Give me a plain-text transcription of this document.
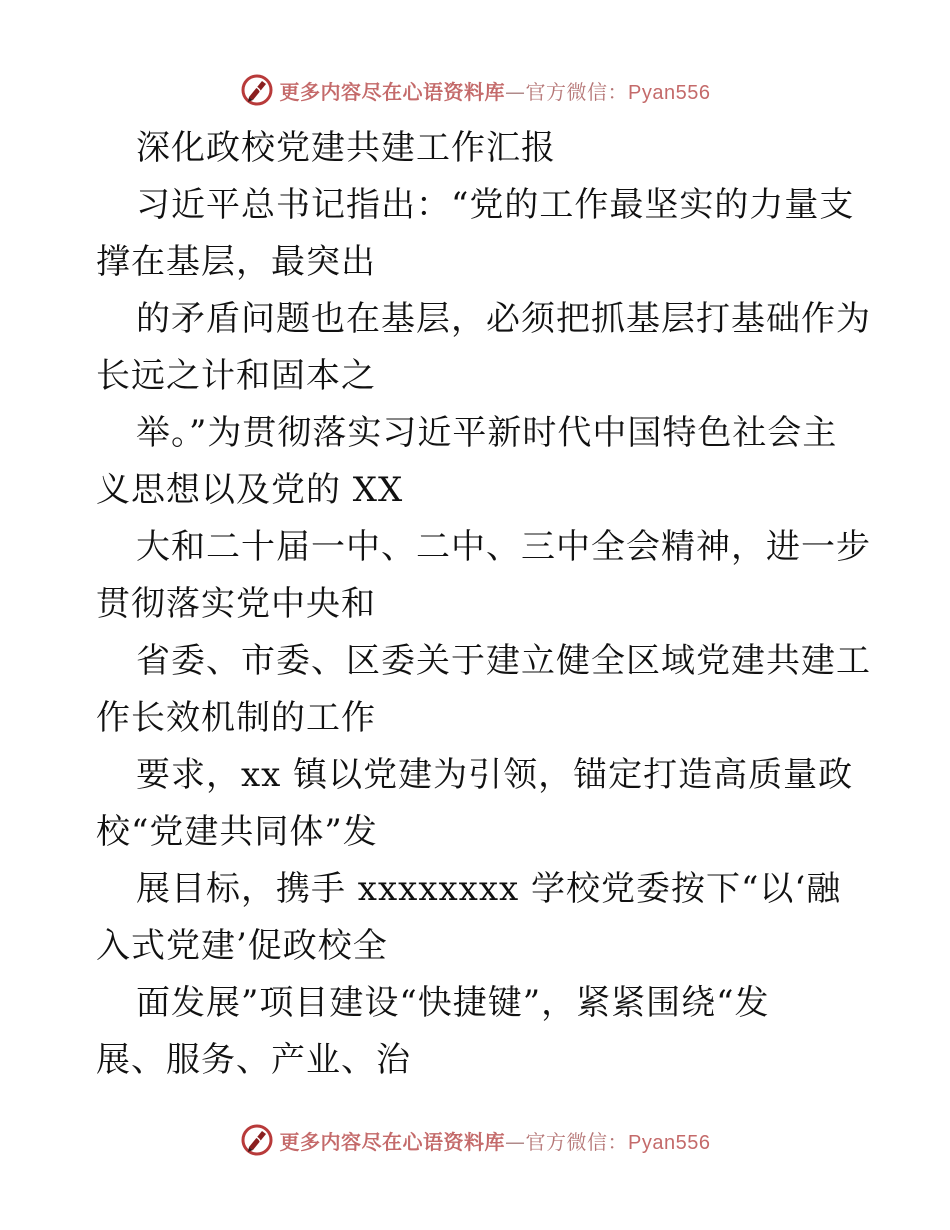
更多内容尽在心语资料库—官方微信：Pyan556
深化政校党建共建工作汇报
习近平总书记指出：“党的工作最坚实的力量支
撑在基层，最突出
的矛盾问题也在基层，必须把抓基层打基础作为
长远之计和固本之
举。”为贯彻落实习近平新时代中国特色社会主
义思想以及党的 XX
大和二十届一中、二中、三中全会精神，进一步
贯彻落实党中央和
省委、市委、区委关于建立健全区域党建共建工
作长效机制的工作
要求，xx 镇以党建为引领，锚定打造高质量政
校“党建共同体”发
展目标，携手 xxxxxxxx 学校党委按下“以‘融
入式党建’促政校全
面发展”项目建设“快捷键”，紧紧围绕“发
展、服务、产业、治
更多内容尽在心语资料库—官方微信：Pyan556
